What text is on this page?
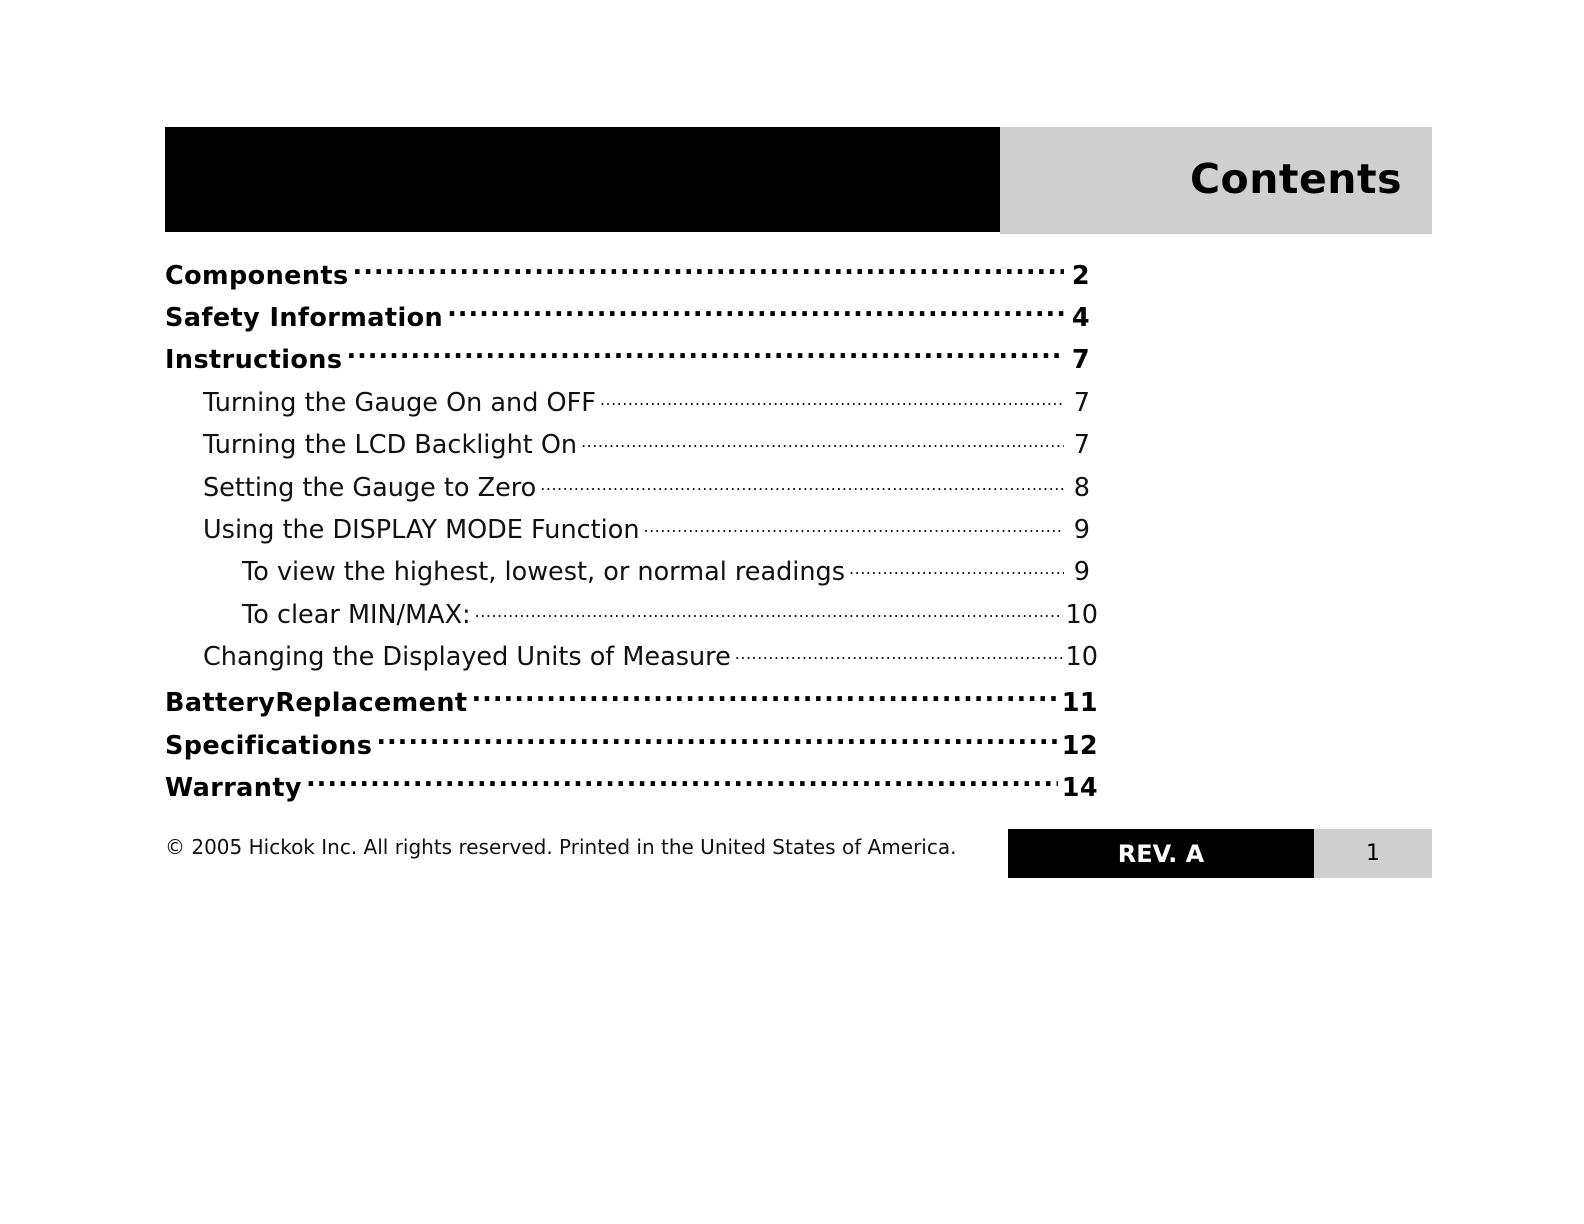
Contents
Components .....	2
Safety Information .....	4
Instructions .....	7
Turning the Gauge On and OFF .....	7
Turning the LCD Backlight On .....	7
Setting the Gauge to Zero .....	8
Using the DISPLAY MODE Function .....	9
To view the highest, lowest, or normal readings .....	9
To clear MIN/MAX: .....	10
Changing the Displayed Units of Measure .....	10
BatteryReplacement .....	11
Specifications .....	12
Warranty .....	14
© 2005 Hickok Inc. All rights reserved. Printed in the United States of America.	REV. A	1
